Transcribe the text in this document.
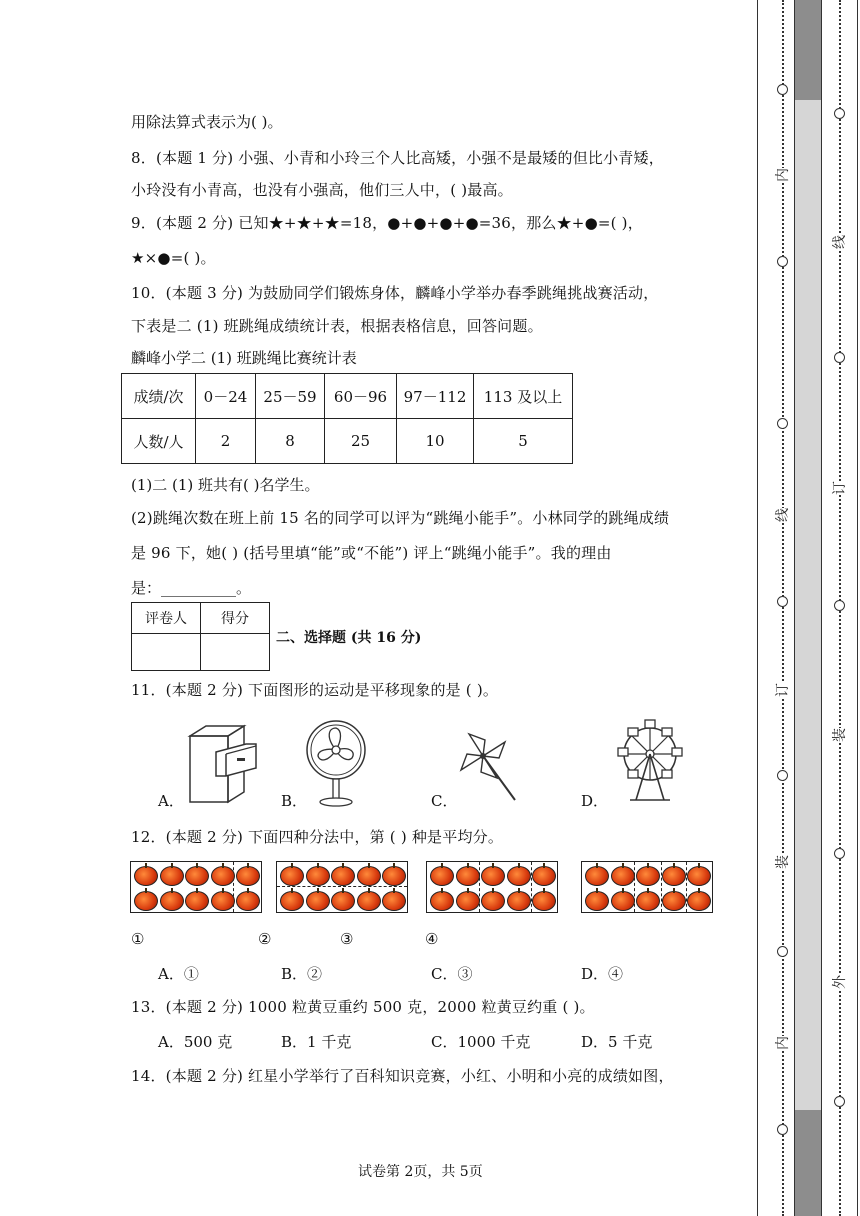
用除法算式表示为( )。
8．(本题 1 分) 小强、小青和小玲三个人比高矮，小强不是最矮的但比小青矮，
小玲没有小青高，也没有小强高，他们三人中，( )最高。
9．(本题 2 分) 已知★+★+★=18，●+●+●+●=36，那么★+●=( )，
★×●=( )。
10．(本题 3 分) 为鼓励同学们锻炼身体，麟峰小学举办春季跳绳挑战赛活动，
下表是二 (1) 班跳绳成绩统计表，根据表格信息，回答问题。
麟峰小学二 (1) 班跳绳比赛统计表
成绩/次	0－24	25－59	60－96	97－112	113 及以上
人数/人	2	8	25	10	5
(1)二 (1) 班共有( )名学生。
(2)跳绳次数在班上前 15 名的同学可以评为“跳绳小能手”。小林同学的跳绳成绩
是 96 下，她( ) (括号里填“能”或“不能”) 评上“跳绳小能手”。我的理由
是：__________。
评卷人	得分

二、选择题 (共 16 分)
11．(本题 2 分) 下面图形的运动是平移现象的是 ( )。
A．	B．	C．	D．
12．(本题 2 分) 下面四种分法中，第 ( ) 种是平均分。
①	②	③	④
A．①	B．②	C．③	D．④
13．(本题 2 分) 1000 粒黄豆重约 500 克，2000 粒黄豆约重 ( )。
A．500 克	B．1 千克	C．1000 千克	D．5 千克
14．(本题 2 分) 红星小学举行了百科知识竞赛，小红、小明和小亮的成绩如图，
试卷第 2页，共 5页
内
线
订
装
内
线
订
装
外
